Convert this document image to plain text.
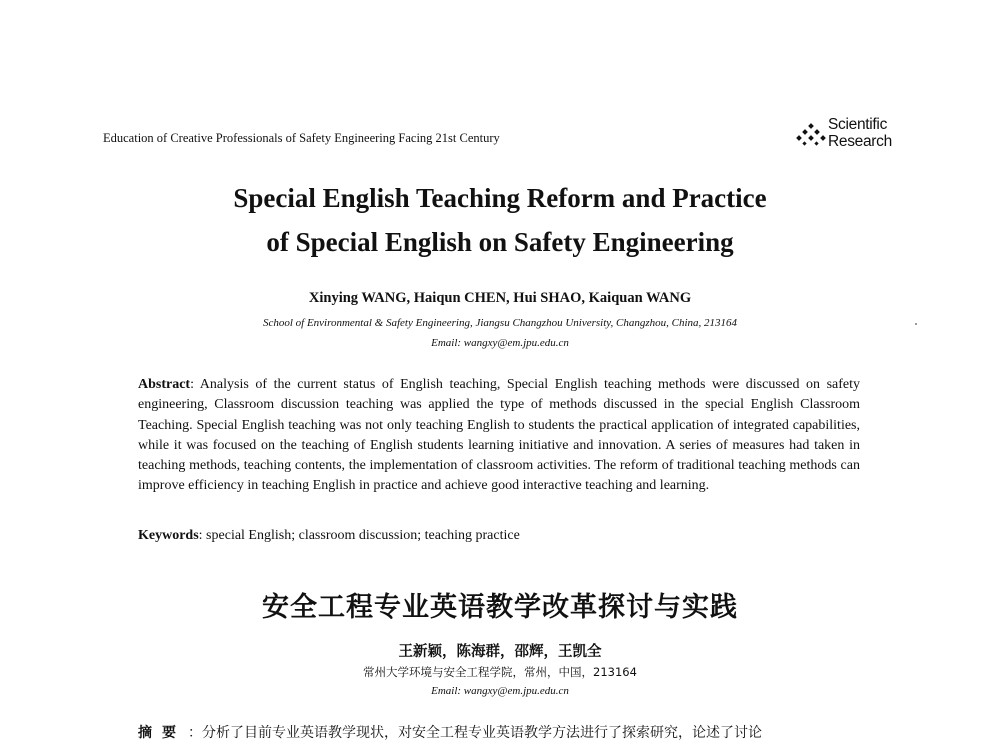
Education of Creative Professionals of Safety Engineering Facing 21st Century
Scientific
Research
Special English Teaching Reform and Practice
of Special English on Safety Engineering
Xinying WANG, Haiqun CHEN, Hui SHAO, Kaiquan WANG
School of Environmental & Safety Engineering, Jiangsu Changzhou University, Changzhou, China, 213164
Email: wangxy@em.jpu.edu.cn
Abstract: Analysis of the current status of English teaching, Special English teaching methods were discussed on safety engineering, Classroom discussion teaching was applied the type of methods discussed in the special English Classroom Teaching. Special English teaching was not only teaching English to students the practical application of integrated capabilities, while it was focused on the teaching of English students learning initiative and innovation. A series of measures had taken in teaching methods, teaching contents, the implementation of classroom activities. The reform of traditional teaching methods can improve efficiency in teaching English in practice and achieve good interactive teaching and learning.
Keywords: special English; classroom discussion; teaching practice
安全工程专业英语教学改革探讨与实践
王新颖，陈海群，邵辉，王凯全
常州大学环境与安全工程学院，常州，中国，213164
Email: wangxy@em.jpu.edu.cn
摘要 ：分析了目前专业英语教学现状，对安全工程专业英语教学方法进行了探索研究，论述了讨论
